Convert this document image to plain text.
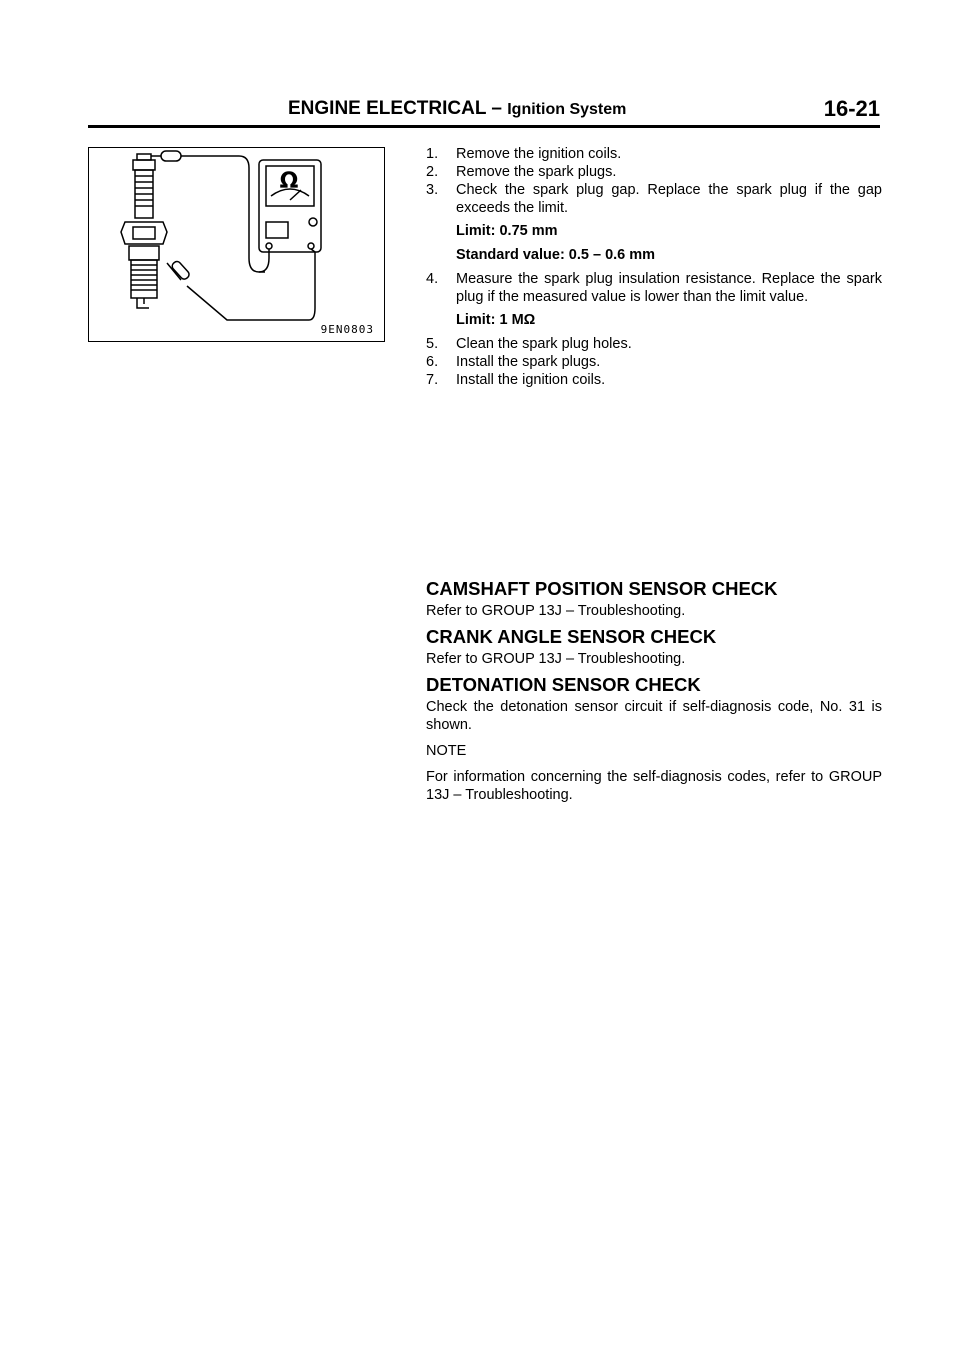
ENGINE ELECTRICAL – Ignition System	16-21
Ω
9EN0803
1.	Remove the ignition coils.
2.	Remove the spark plugs.
3.	Check the spark plug gap. Replace the spark plug if the gap exceeds the limit.
Limit: 0.75 mm
Standard value: 0.5 – 0.6 mm
4.	Measure the spark plug insulation resistance. Replace the spark plug if the measured value is lower than the limit value.
Limit: 1 MΩ
5.	Clean the spark plug holes.
6.	Install the spark plugs.
7.	Install the ignition coils.
CAMSHAFT POSITION SENSOR CHECK

Refer to GROUP 13J – Troubleshooting.

CRANK ANGLE SENSOR CHECK

Refer to GROUP 13J – Troubleshooting.

DETONATION SENSOR CHECK

Check the detonation sensor circuit if self-diagnosis code, No. 31 is shown.

NOTE

For information concerning the self-diagnosis codes, refer to GROUP 13J – Troubleshooting.
